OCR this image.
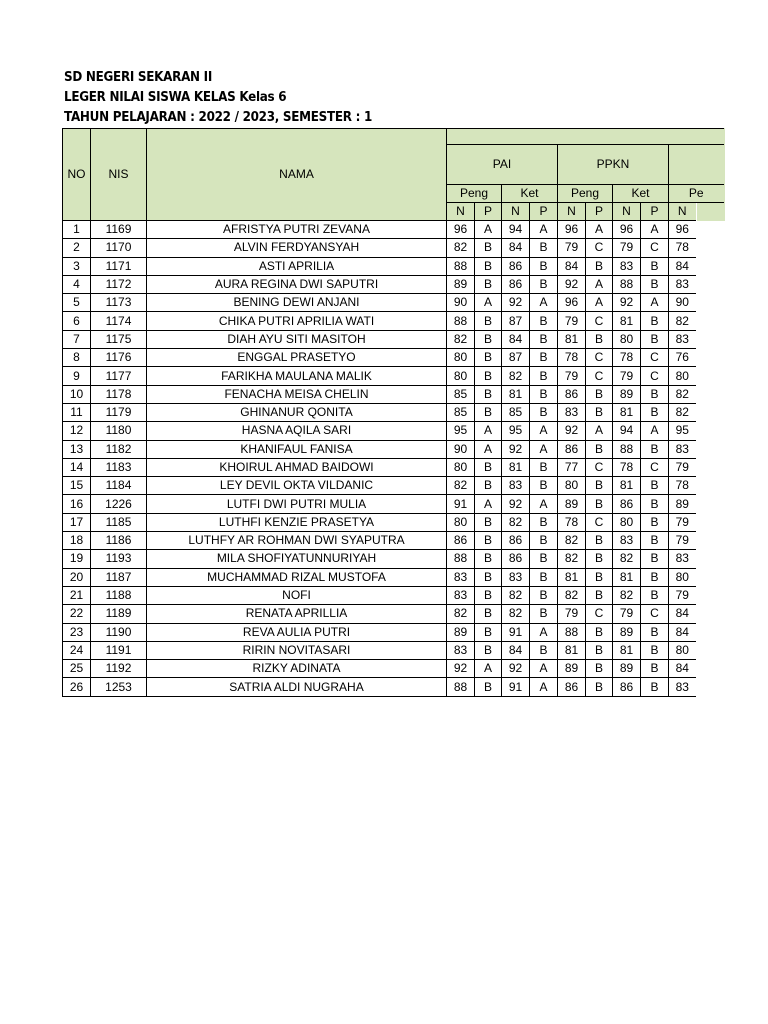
SD NEGERI SEKARAN II
LEGER NILAI SISWA KELAS Kelas 6
TAHUN PELAJARAN : 2022 / 2023, SEMESTER : 1
NO	NIS	NAMA										
			PAI				PPKN					
			Peng		Ket		Peng		Ket		Pe	
			N	P	N	P	N	P	N	P	N	
1	1169	AFRISTYA PUTRI ZEVANA	96	A	94	A	96	A	96	A	96	
2	1170	ALVIN FERDYANSYAH	82	B	84	B	79	C	79	C	78	
3	1171	ASTI APRILIA	88	B	86	B	84	B	83	B	84	
4	1172	AURA REGINA DWI SAPUTRI	89	B	86	B	92	A	88	B	83	
5	1173	BENING DEWI ANJANI	90	A	92	A	96	A	92	A	90	
6	1174	CHIKA PUTRI APRILIA WATI	88	B	87	B	79	C	81	B	82	
7	1175	DIAH AYU SITI MASITOH	82	B	84	B	81	B	80	B	83	
8	1176	ENGGAL PRASETYO	80	B	87	B	78	C	78	C	76	
9	1177	FARIKHA MAULANA MALIK	80	B	82	B	79	C	79	C	80	
10	1178	FENACHA MEISA CHELIN	85	B	81	B	86	B	89	B	82	
11	1179	GHINANUR QONITA	85	B	85	B	83	B	81	B	82	
12	1180	HASNA AQILA SARI	95	A	95	A	92	A	94	A	95	
13	1182	KHANIFAUL FANISA	90	A	92	A	86	B	88	B	83	
14	1183	KHOIRUL AHMAD BAIDOWI	80	B	81	B	77	C	78	C	79	
15	1184	LEY DEVIL OKTA VILDANIC	82	B	83	B	80	B	81	B	78	
16	1226	LUTFI DWI PUTRI MULIA	91	A	92	A	89	B	86	B	89	
17	1185	LUTHFI KENZIE PRASETYA	80	B	82	B	78	C	80	B	79	
18	1186	LUTHFY AR ROHMAN DWI SYAPUTRA	86	B	86	B	82	B	83	B	79	
19	1193	MILA SHOFIYATUNNURIYAH	88	B	86	B	82	B	82	B	83	
20	1187	MUCHAMMAD RIZAL MUSTOFA	83	B	83	B	81	B	81	B	80	
21	1188	NOFI	83	B	82	B	82	B	82	B	79	
22	1189	RENATA APRILLIA	82	B	82	B	79	C	79	C	84	
23	1190	REVA AULIA PUTRI	89	B	91	A	88	B	89	B	84	
24	1191	RIRIN NOVITASARI	83	B	84	B	81	B	81	B	80	
25	1192	RIZKY ADINATA	92	A	92	A	89	B	89	B	84	
26	1253	SATRIA ALDI NUGRAHA	88	B	91	A	86	B	86	B	83	
